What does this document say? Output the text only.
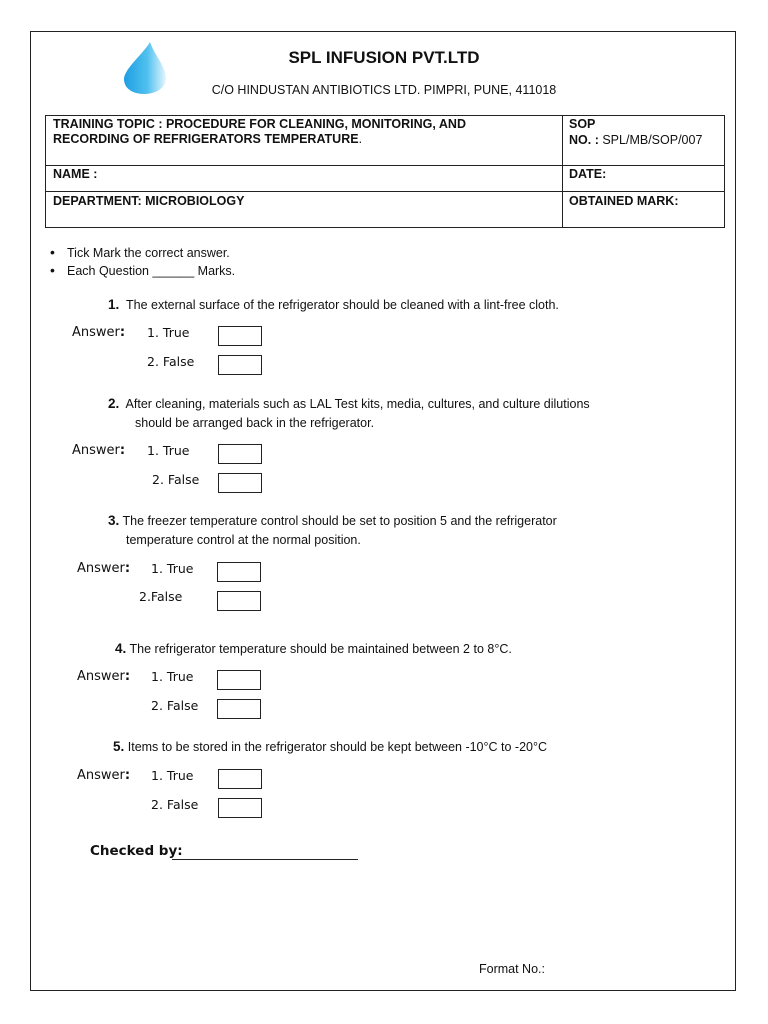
SPL INFUSION PVT.LTD
C/O HINDUSTAN ANTIBIOTICS LTD. PIMPRI, PUNE, 411018
TRAINING TOPIC : PROCEDURE FOR CLEANING, MONITORING, AND
RECORDING OF REFRIGERATORS TEMPERATURE.
SOP
NO. : SPL/MB/SOP/007
NAME :	DATE:
DEPARTMENT: MICROBIOLOGY	OBTAINED MARK:
• Tick Mark the correct answer.
• Each Question ______ Marks.
1. The external surface of the refrigerator should be cleaned with a lint-free cloth.
Answer: 1. True
2. False
2. After cleaning, materials such as LAL Test kits, media, cultures, and culture dilutions
should be arranged back in the refrigerator.
Answer: 1. True
2. False
3. The freezer temperature control should be set to position 5 and the refrigerator
temperature control at the normal position.
Answer: 1. True
2.False
4. The refrigerator temperature should be maintained between 2 to 8°C.
Answer: 1. True
2. False
5. Items to be stored in the refrigerator should be kept between -10°C to -20°C
Answer: 1. True
2. False
Checked by:
Format No.:
